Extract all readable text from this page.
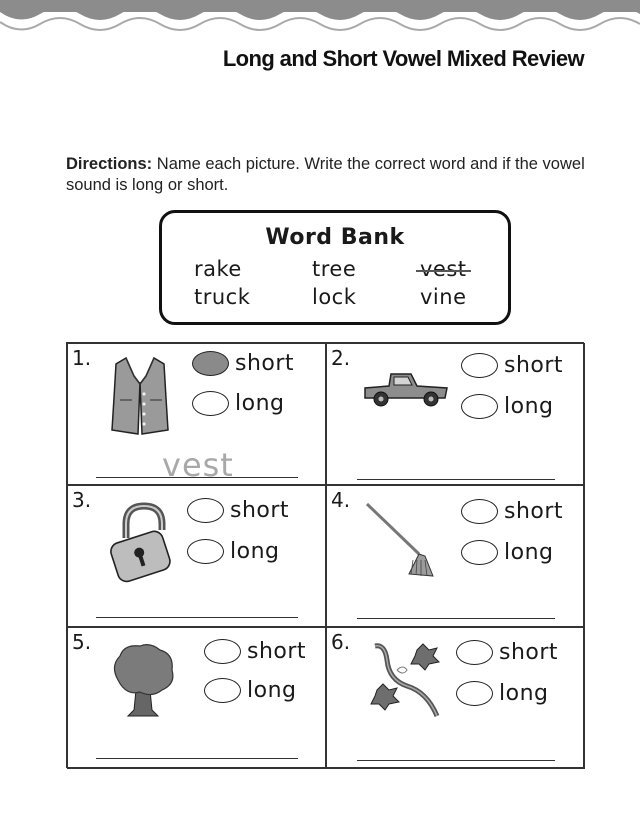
Long and Short Vowel Mixed Review
Directions: Name each picture. Write the correct word and if the vowel sound is long or short.
Word Bank
rake	tree	vest
truck	lock	vine
1.	short
long
vest
2.	short
long
3.	short
long
4.	short
long
5.	short
long
6.	short
long
